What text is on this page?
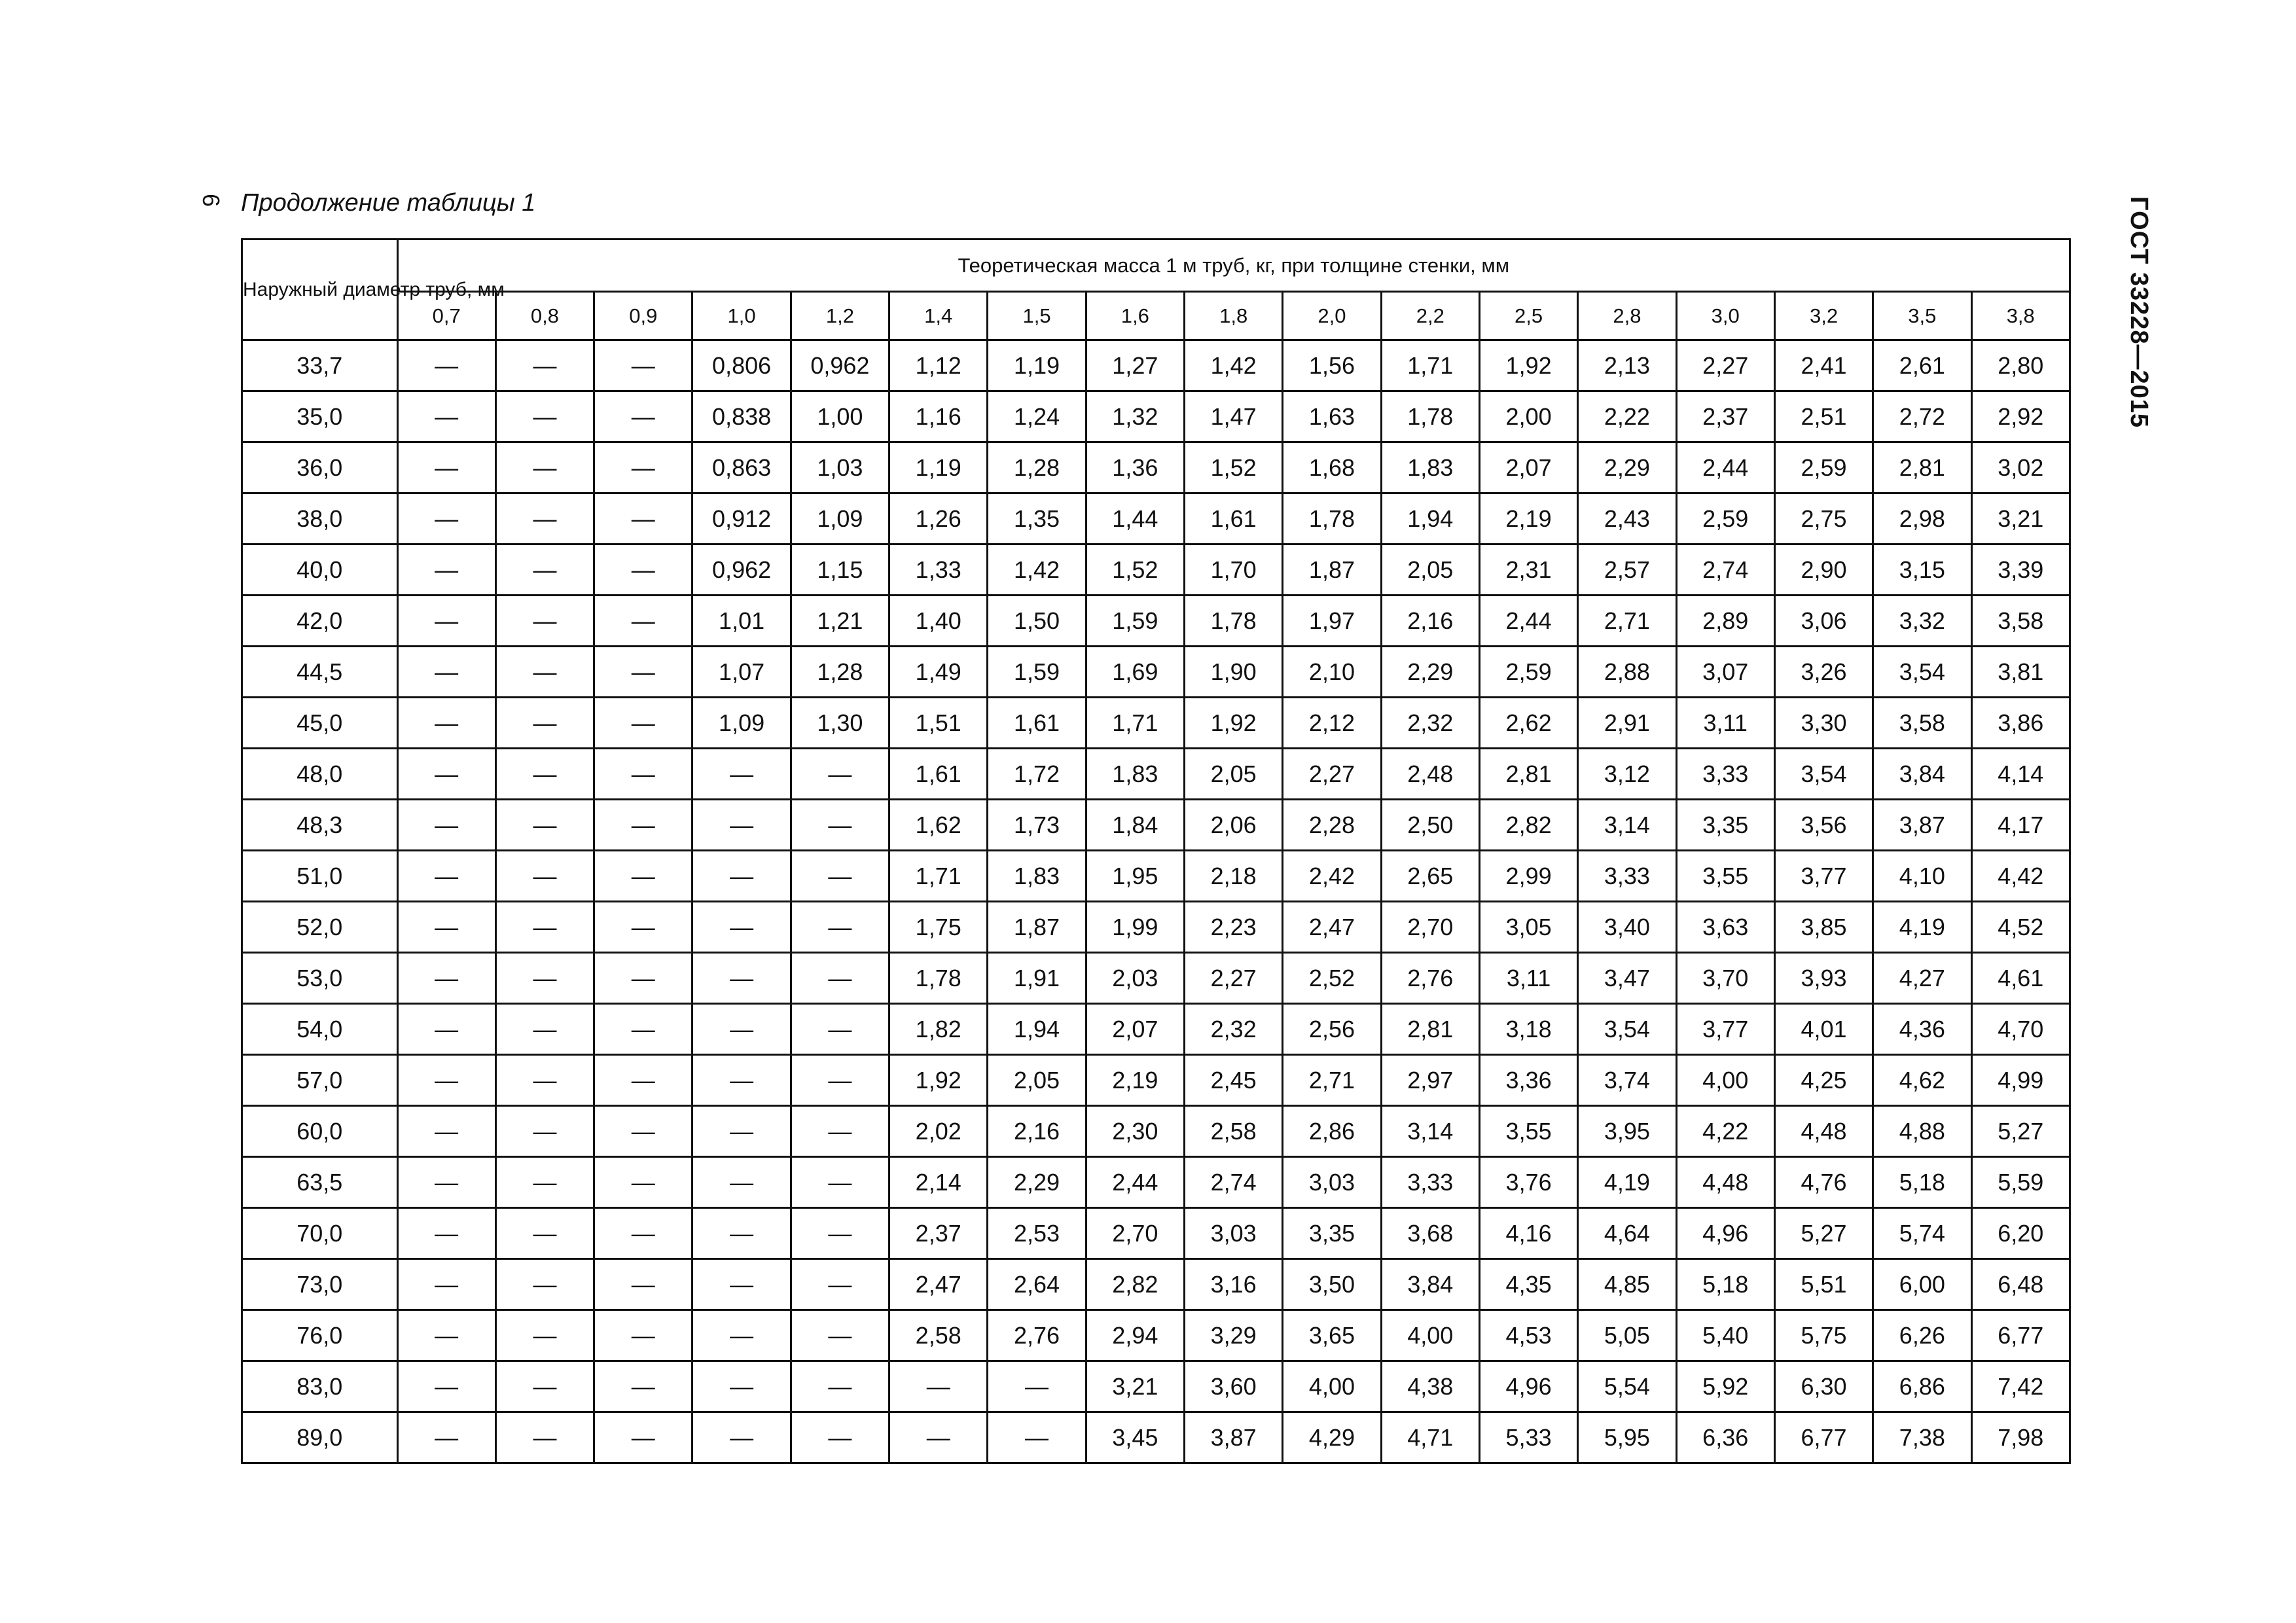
6 Продолжение таблицы 1	ГОСТ 33228—2015
Наружный диаметр труб, мм	Теоретическая масса 1 м труб, кг, при толщине стенки, мм																
	0,7	0,8	0,9	1,0	1,2	1,4	1,5	1,6	1,8	2,0	2,2	2,5	2,8	3,0	3,2	3,5	3,8
33,7	—	—	—	0,806	0,962	1,12	1,19	1,27	1,42	1,56	1,71	1,92	2,13	2,27	2,41	2,61	2,80
35,0	—	—	—	0,838	1,00	1,16	1,24	1,32	1,47	1,63	1,78	2,00	2,22	2,37	2,51	2,72	2,92
36,0	—	—	—	0,863	1,03	1,19	1,28	1,36	1,52	1,68	1,83	2,07	2,29	2,44	2,59	2,81	3,02
38,0	—	—	—	0,912	1,09	1,26	1,35	1,44	1,61	1,78	1,94	2,19	2,43	2,59	2,75	2,98	3,21
40,0	—	—	—	0,962	1,15	1,33	1,42	1,52	1,70	1,87	2,05	2,31	2,57	2,74	2,90	3,15	3,39
42,0	—	—	—	1,01	1,21	1,40	1,50	1,59	1,78	1,97	2,16	2,44	2,71	2,89	3,06	3,32	3,58
44,5	—	—	—	1,07	1,28	1,49	1,59	1,69	1,90	2,10	2,29	2,59	2,88	3,07	3,26	3,54	3,81
45,0	—	—	—	1,09	1,30	1,51	1,61	1,71	1,92	2,12	2,32	2,62	2,91	3,11	3,30	3,58	3,86
48,0	—	—	—	—	—	1,61	1,72	1,83	2,05	2,27	2,48	2,81	3,12	3,33	3,54	3,84	4,14
48,3	—	—	—	—	—	1,62	1,73	1,84	2,06	2,28	2,50	2,82	3,14	3,35	3,56	3,87	4,17
51,0	—	—	—	—	—	1,71	1,83	1,95	2,18	2,42	2,65	2,99	3,33	3,55	3,77	4,10	4,42
52,0	—	—	—	—	—	1,75	1,87	1,99	2,23	2,47	2,70	3,05	3,40	3,63	3,85	4,19	4,52
53,0	—	—	—	—	—	1,78	1,91	2,03	2,27	2,52	2,76	3,11	3,47	3,70	3,93	4,27	4,61
54,0	—	—	—	—	—	1,82	1,94	2,07	2,32	2,56	2,81	3,18	3,54	3,77	4,01	4,36	4,70
57,0	—	—	—	—	—	1,92	2,05	2,19	2,45	2,71	2,97	3,36	3,74	4,00	4,25	4,62	4,99
60,0	—	—	—	—	—	2,02	2,16	2,30	2,58	2,86	3,14	3,55	3,95	4,22	4,48	4,88	5,27
63,5	—	—	—	—	—	2,14	2,29	2,44	2,74	3,03	3,33	3,76	4,19	4,48	4,76	5,18	5,59
70,0	—	—	—	—	—	2,37	2,53	2,70	3,03	3,35	3,68	4,16	4,64	4,96	5,27	5,74	6,20
73,0	—	—	—	—	—	2,47	2,64	2,82	3,16	3,50	3,84	4,35	4,85	5,18	5,51	6,00	6,48
76,0	—	—	—	—	—	2,58	2,76	2,94	3,29	3,65	4,00	4,53	5,05	5,40	5,75	6,26	6,77
83,0	—	—	—	—	—	—	—	3,21	3,60	4,00	4,38	4,96	5,54	5,92	6,30	6,86	7,42
89,0	—	—	—	—	—	—	—	3,45	3,87	4,29	4,71	5,33	5,95	6,36	6,77	7,38	7,98
